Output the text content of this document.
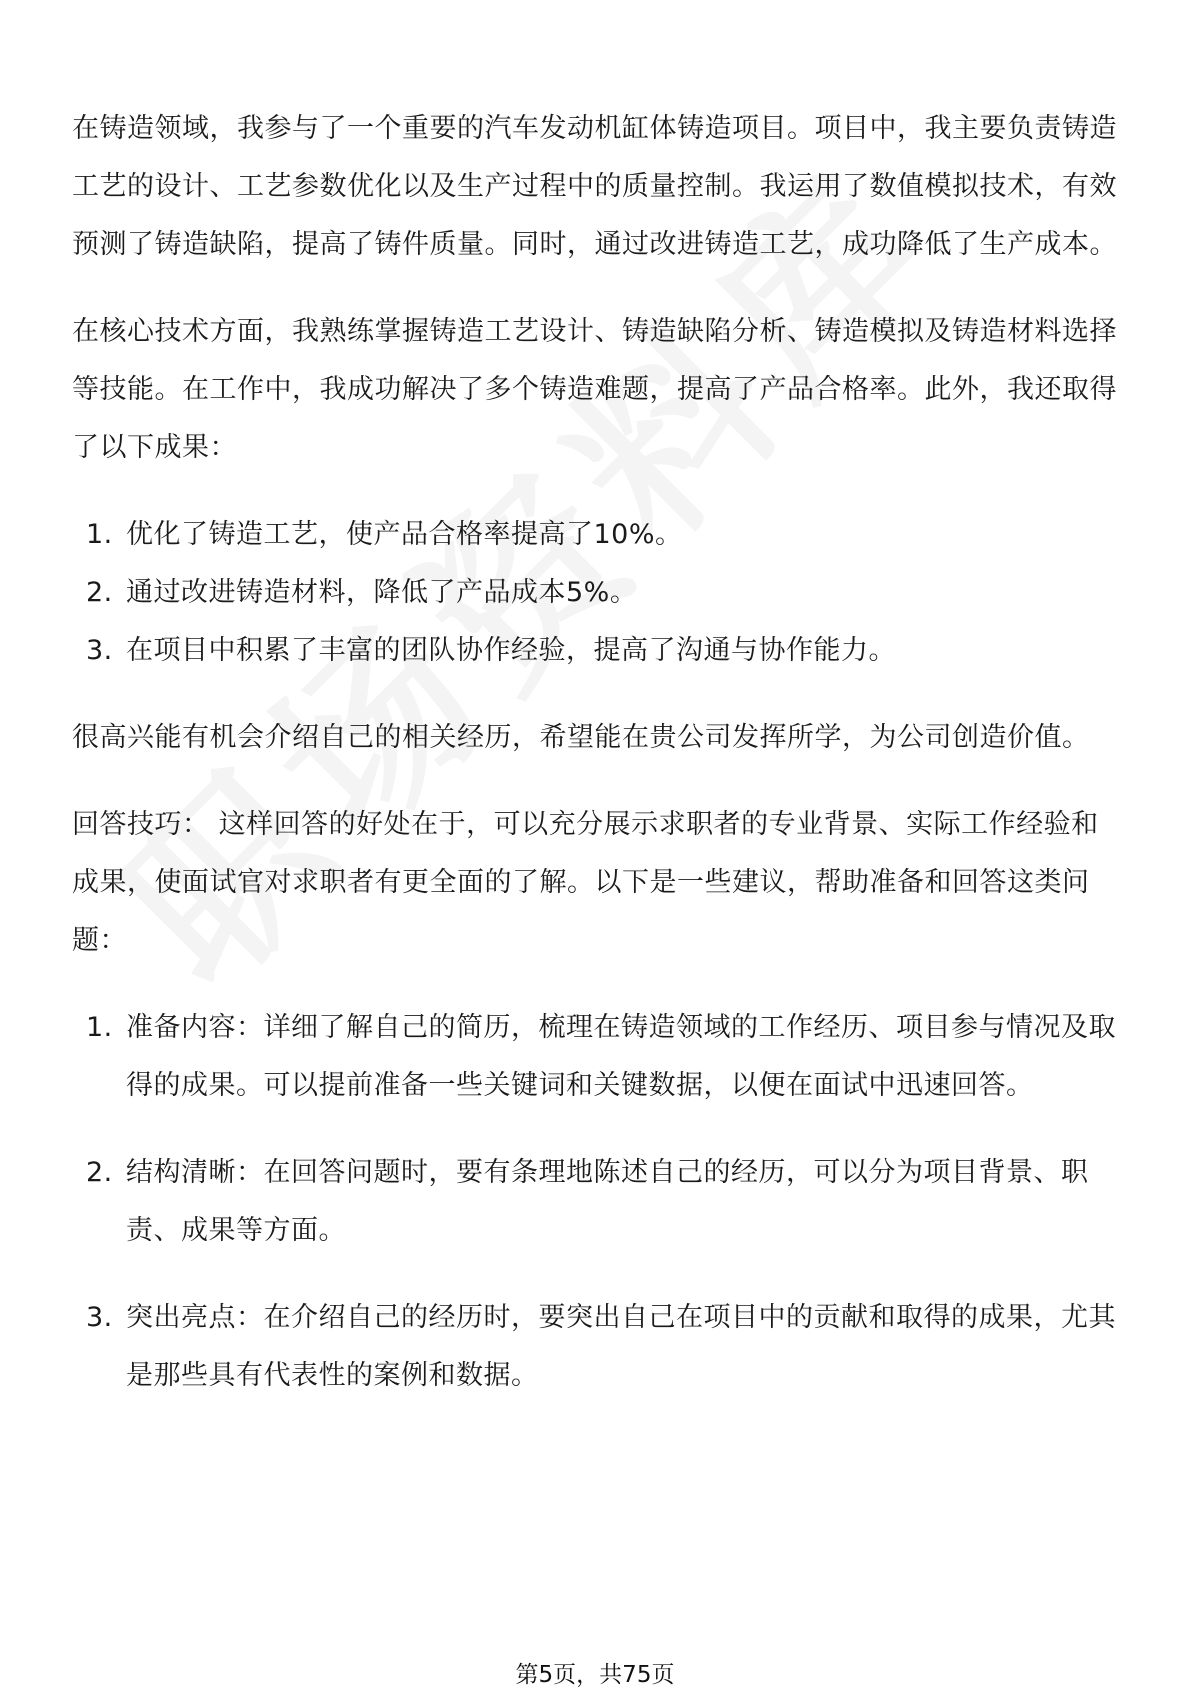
在铸造领域，我参与了一个重要的汽车发动机缸体铸造项目。项目中，我主要负责铸造工艺的设计、工艺参数优化以及生产过程中的质量控制。我运用了数值模拟技术，有效预测了铸造缺陷，提高了铸件质量。同时，通过改进铸造工艺，成功降低了生产成本。

在核心技术方面，我熟练掌握铸造工艺设计、铸造缺陷分析、铸造模拟及铸造材料选择等技能。在工作中，我成功解决了多个铸造难题，提高了产品合格率。此外，我还取得了以下成果：

1. 优化了铸造工艺，使产品合格率提高了10%。
2. 通过改进铸造材料，降低了产品成本5%。
3. 在项目中积累了丰富的团队协作经验，提高了沟通与协作能力。

很高兴能有机会介绍自己的相关经历，希望能在贵公司发挥所学，为公司创造价值。

回答技巧： 这样回答的好处在于，可以充分展示求职者的专业背景、实际工作经验和成果，使面试官对求职者有更全面的了解。以下是一些建议，帮助准备和回答这类问题：

1. 准备内容：详细了解自己的简历，梳理在铸造领域的工作经历、项目参与情况及取得的成果。可以提前准备一些关键词和关键数据，以便在面试中迅速回答。
2. 结构清晰：在回答问题时，要有条理地陈述自己的经历，可以分为项目背景、职责、成果等方面。
3. 突出亮点：在介绍自己的经历时，要突出自己在项目中的贡献和取得的成果，尤其是那些具有代表性的案例和数据。
第5页，共75页
